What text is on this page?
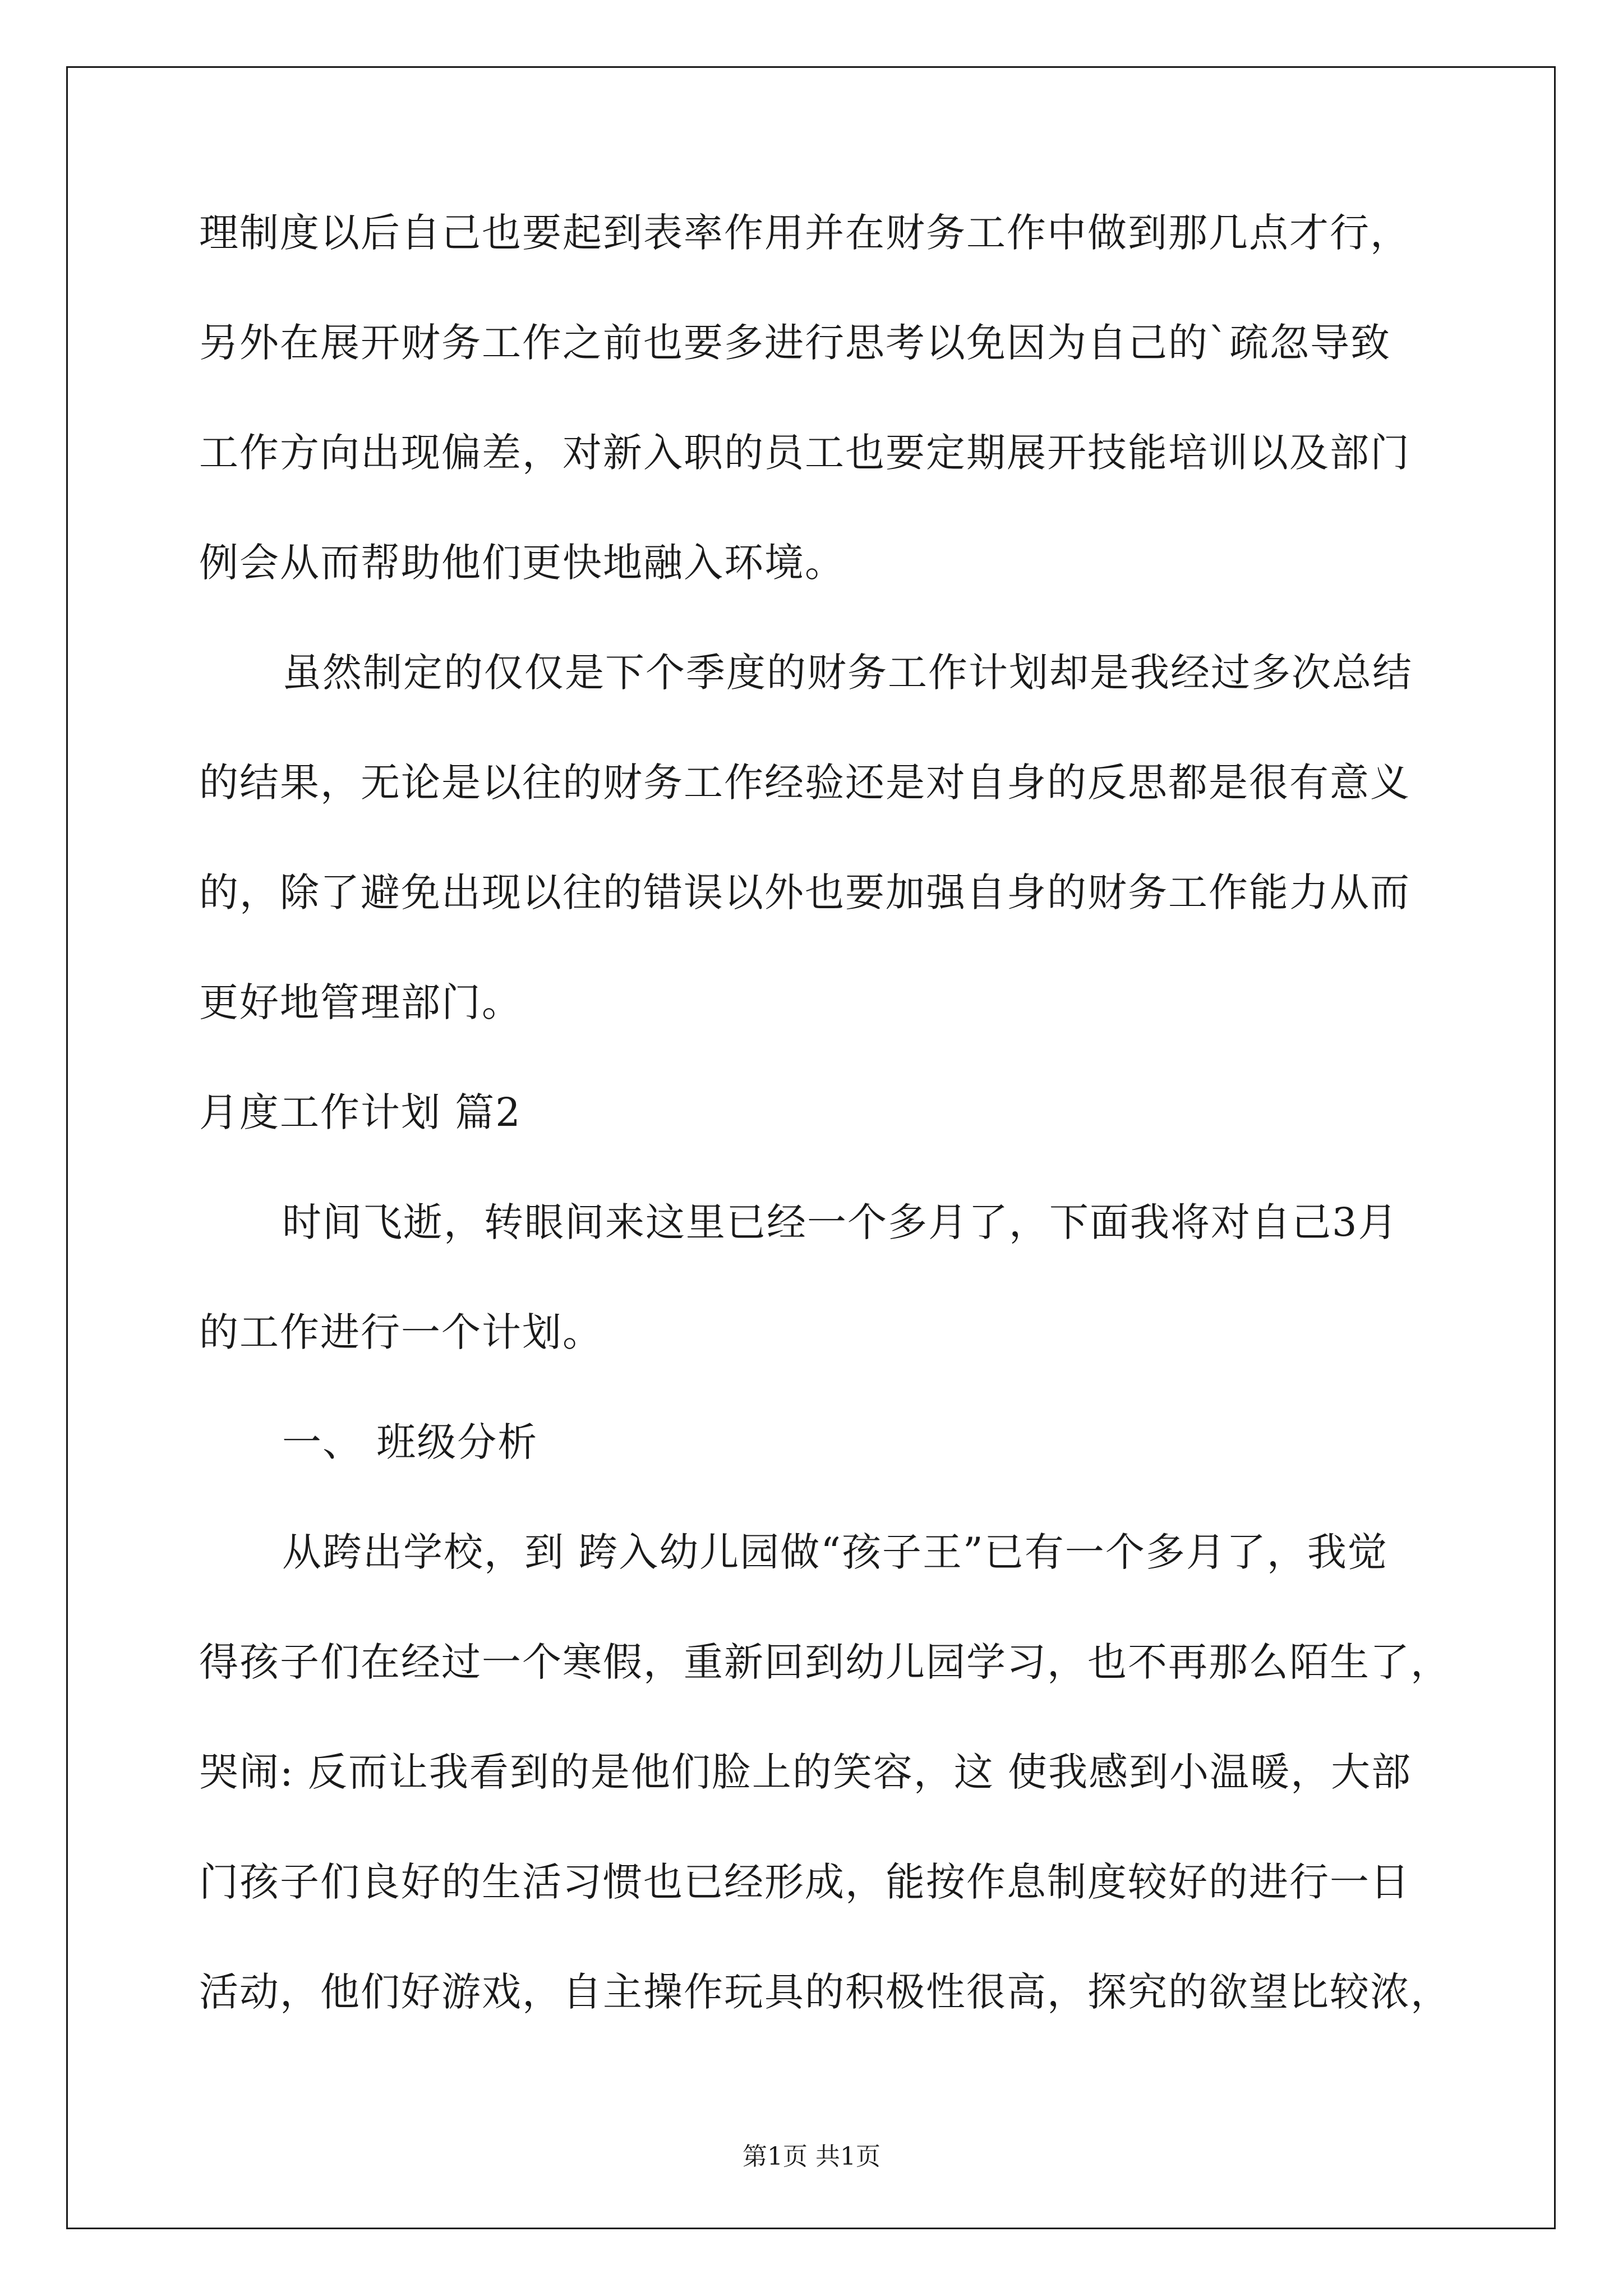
理制度以后自己也要起到表率作用并在财务工作中做到那几点才行，
另外在展开财务工作之前也要多进行思考以免因为自己的`疏忽导致
工作方向出现偏差，对新入职的员工也要定期展开技能培训以及部门
例会从而帮助他们更快地融入环境。
虽然制定的仅仅是下个季度的财务工作计划却是我经过多次总结
的结果，无论是以往的财务工作经验还是对自身的反思都是很有意义
的，除了避免出现以往的错误以外也要加强自身的财务工作能力从而
更好地管理部门。
月度工作计划 篇2
时间飞逝，转眼间来这里已经一个多月了，下面我将对自己3月
的工作进行一个计划。
一、 班级分析
从跨出学校，到 跨入幼儿园做“孩子王”已有一个多月了，我觉
得孩子们在经过一个寒假，重新回到幼儿园学习，也不再那么陌生了，
哭闹: 反而让我看到的是他们脸上的笑容，这 使我感到小温暖，大部
门孩子们良好的生活习惯也已经形成，能按作息制度较好的进行一日
活动，他们好游戏，自主操作玩具的积极性很高，探究的欲望比较浓，
第1页 共1页
